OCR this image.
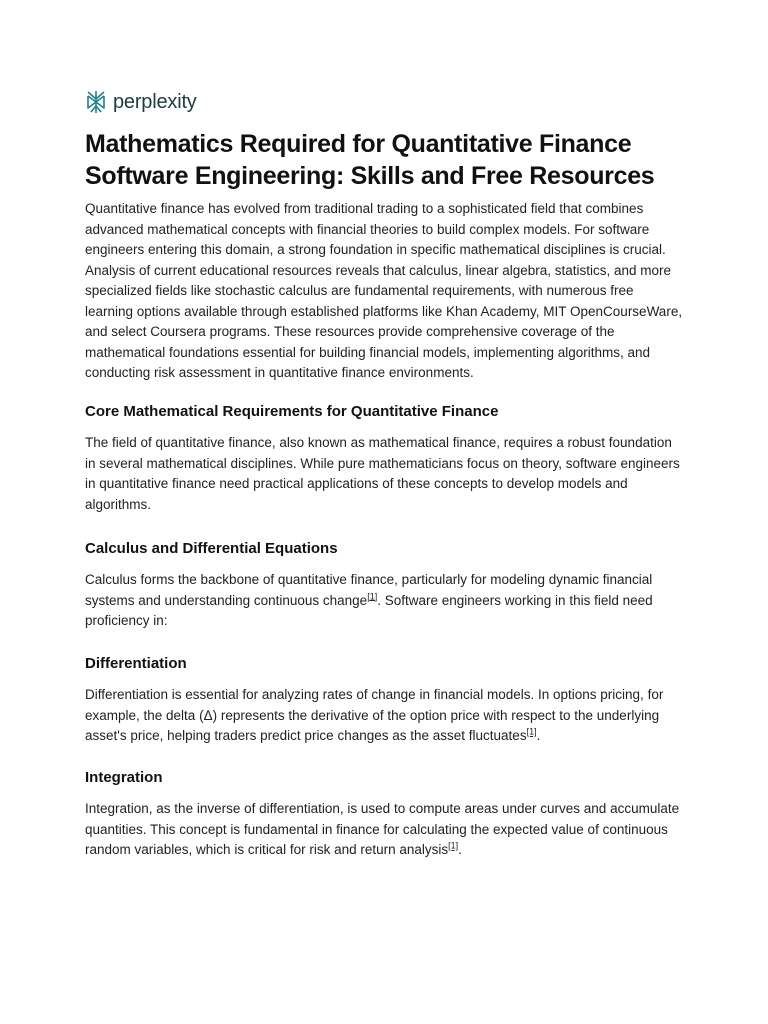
perplexity
Mathematics Required for Quantitative Finance
Software Engineering: Skills and Free Resources

Quantitative finance has evolved from traditional trading to a sophisticated field that combines advanced mathematical concepts with financial theories to build complex models. For software engineers entering this domain, a strong foundation in specific mathematical disciplines is crucial. Analysis of current educational resources reveals that calculus, linear algebra, statistics, and more specialized fields like stochastic calculus are fundamental requirements, with numerous free learning options available through established platforms like Khan Academy, MIT OpenCourseWare, and select Coursera programs. These resources provide comprehensive coverage of the mathematical foundations essential for building financial models, implementing algorithms, and conducting risk assessment in quantitative finance environments.

Core Mathematical Requirements for Quantitative Finance

The field of quantitative finance, also known as mathematical finance, requires a robust foundation in several mathematical disciplines. While pure mathematicians focus on theory, software engineers in quantitative finance need practical applications of these concepts to develop models and algorithms.

Calculus and Differential Equations

Calculus forms the backbone of quantitative finance, particularly for modeling dynamic financial systems and understanding continuous change[1]. Software engineers working in this field need proficiency in:

Differentiation

Differentiation is essential for analyzing rates of change in financial models. In options pricing, for example, the delta (Δ) represents the derivative of the option price with respect to the underlying asset's price, helping traders predict price changes as the asset fluctuates[1].

Integration

Integration, as the inverse of differentiation, is used to compute areas under curves and accumulate quantities. This concept is fundamental in finance for calculating the expected value of continuous random variables, which is critical for risk and return analysis[1].
